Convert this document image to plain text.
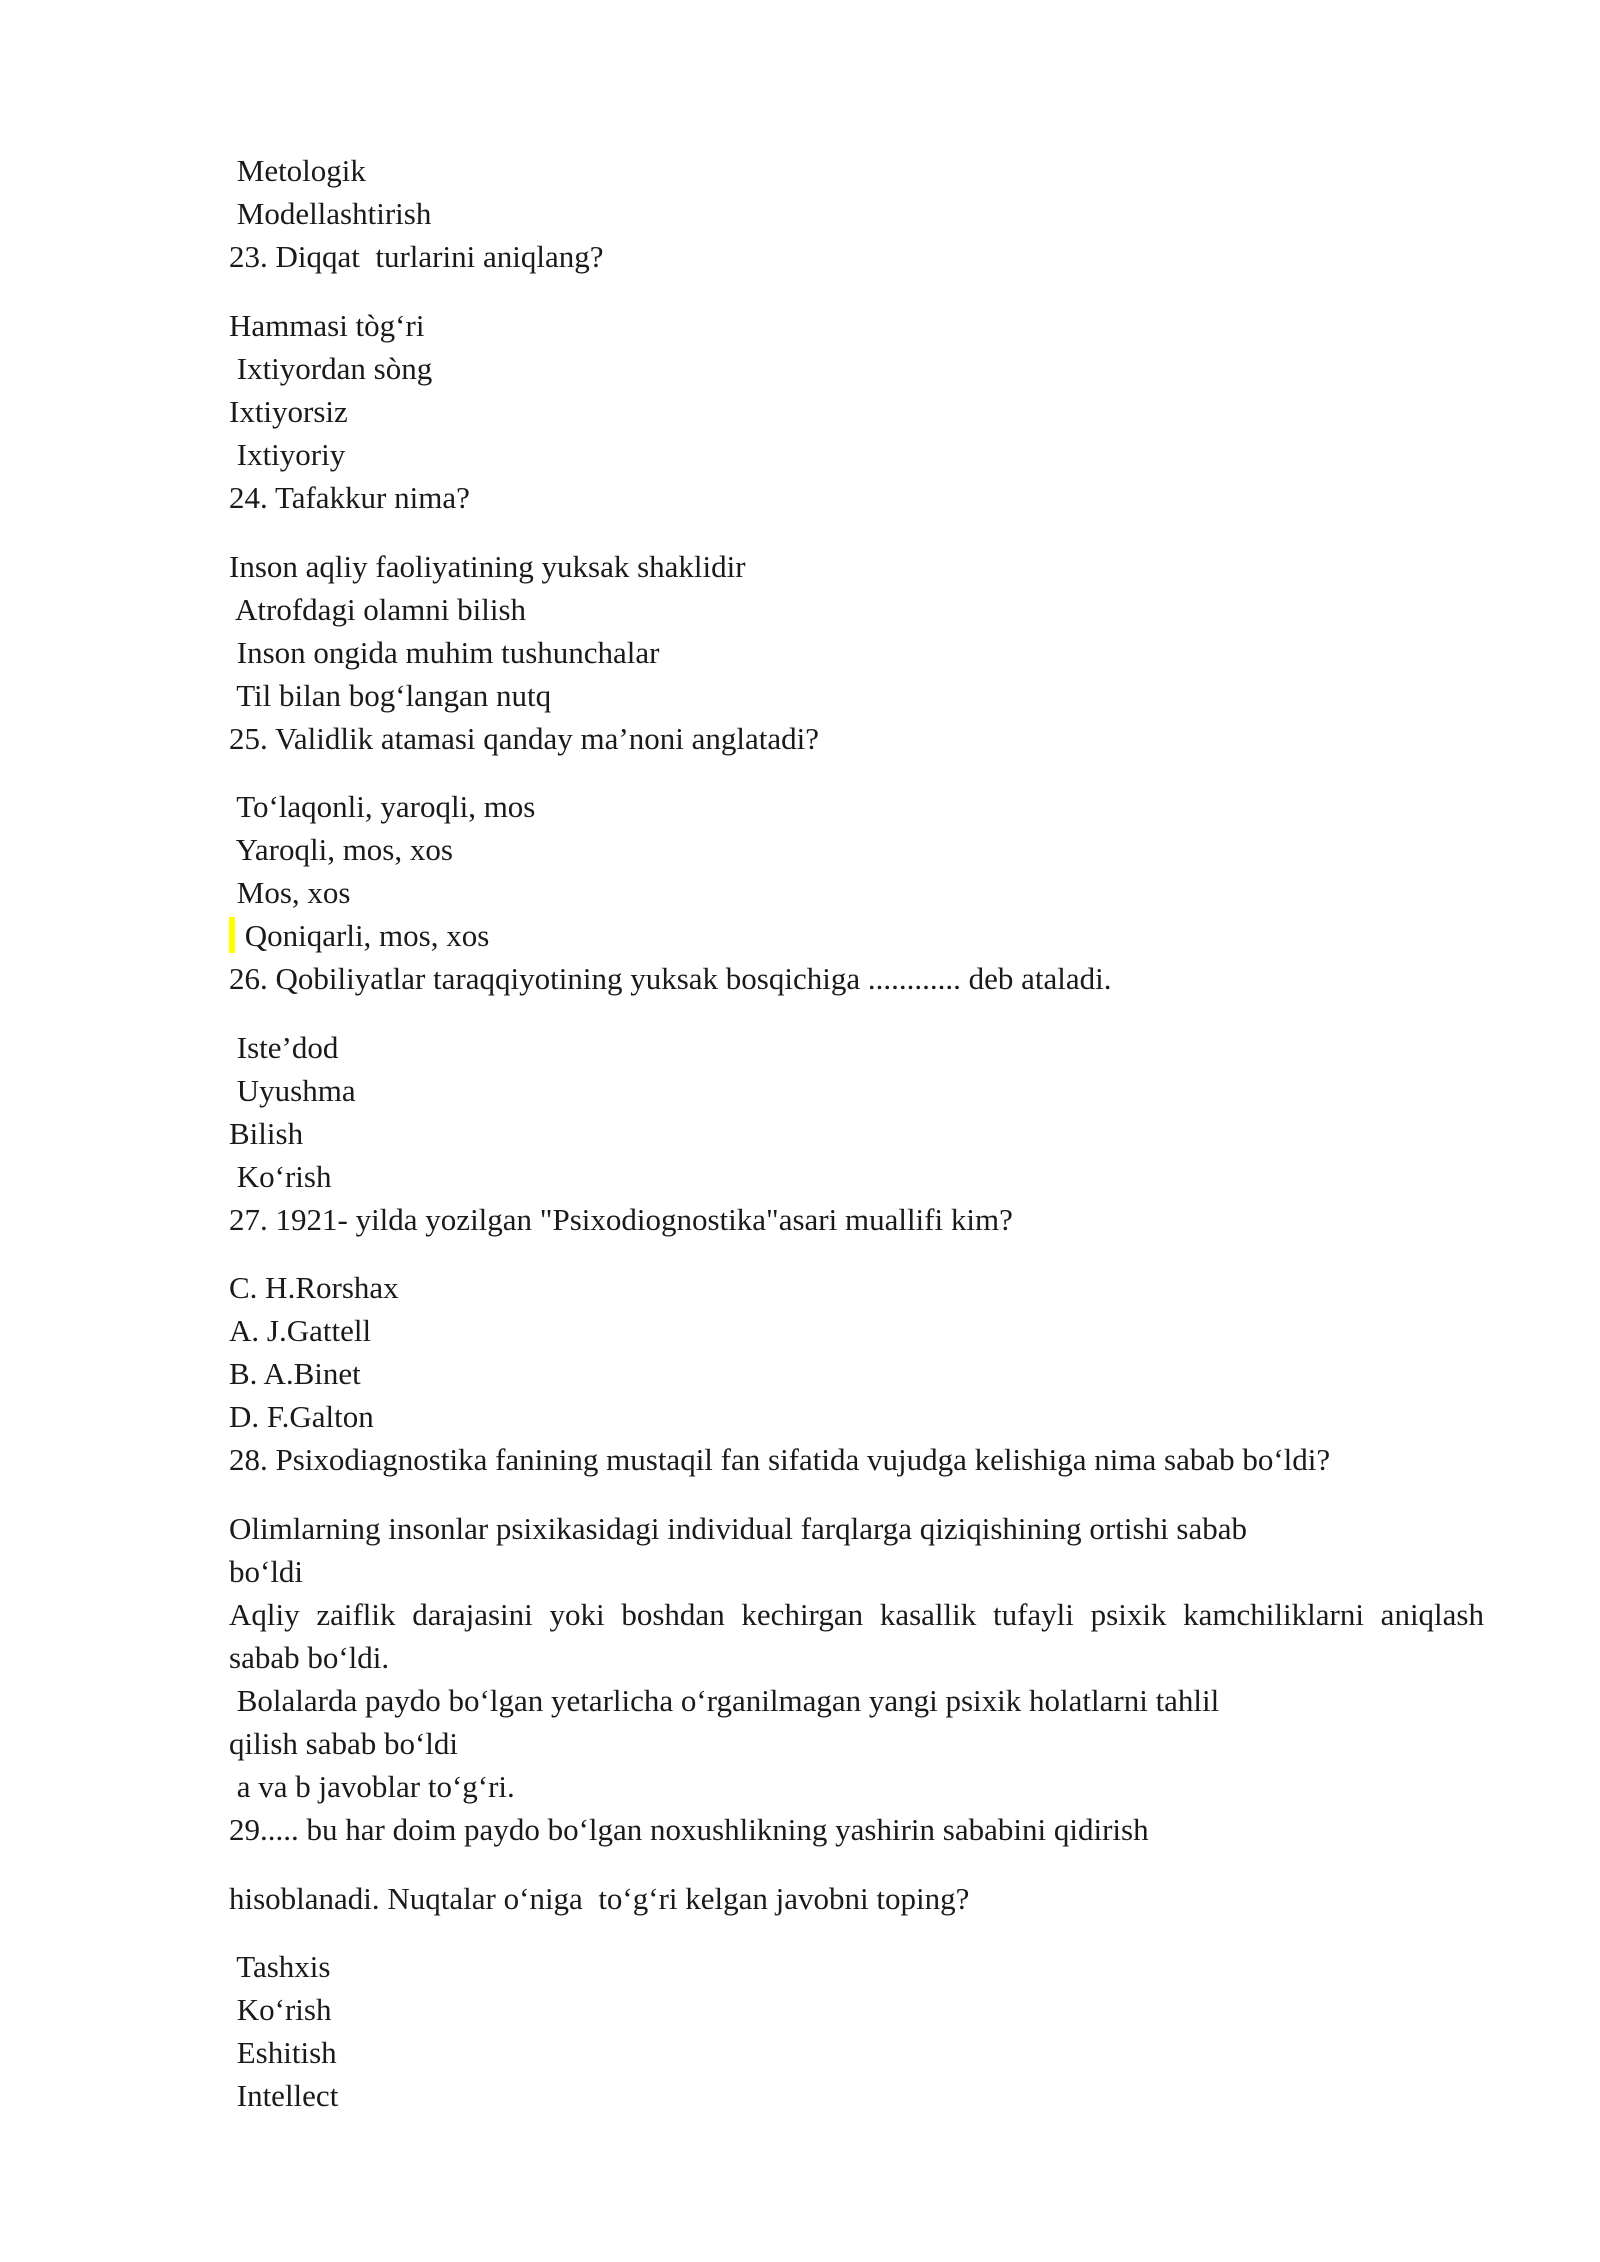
Metologik
Modellashtirish
23. Diqqat  turlarini aniqlang?
Hammasi tòg‘ri
Ixtiyordan sòng
Ixtiyorsiz
Ixtiyoriy
24. Tafakkur nima?
Inson aqliy faoliyatining yuksak shaklidir
Atrofdagi olamni bilish
Inson ongida muhim tushunchalar
Til bilan bog‘langan nutq
25. Validlik atamasi qanday ma’noni anglatadi?
To‘laqonli, yaroqli, mos
Yaroqli, mos, xos
Mos, xos
Qoniqarli, mos, xos
26. Qobiliyatlar taraqqiyotining yuksak bosqichiga ............ deb ataladi.
Iste’dod
Uyushma
Bilish
Ko‘rish
27. 1921- yilda yozilgan "Psixodiognostika"asari muallifi kim?
C. H.Rorshax
A. J.Gattell
B. A.Binet
D. F.Galton
28. Psixodiagnostika fanining mustaqil fan sifatida vujudga kelishiga nima sabab bo‘ldi?
Olimlarning insonlar psixikasidagi individual farqlarga qiziqishining ortishi sabab
bo‘ldi
Aqliy zaiflik darajasini yoki boshdan kechirgan kasallik tufayli psixik kamchiliklarni aniqlash
sabab bo‘ldi.
Bolalarda paydo bo‘lgan yetarlicha o‘rganilmagan yangi psixik holatlarni tahlil
qilish sabab bo‘ldi
a va b javoblar to‘g‘ri.
29..... bu har doim paydo bo‘lgan noxushlikning yashirin sababini qidirish
hisoblanadi. Nuqtalar o‘niga  to‘g‘ri kelgan javobni toping?
Tashxis
Ko‘rish
Eshitish
Intellect
